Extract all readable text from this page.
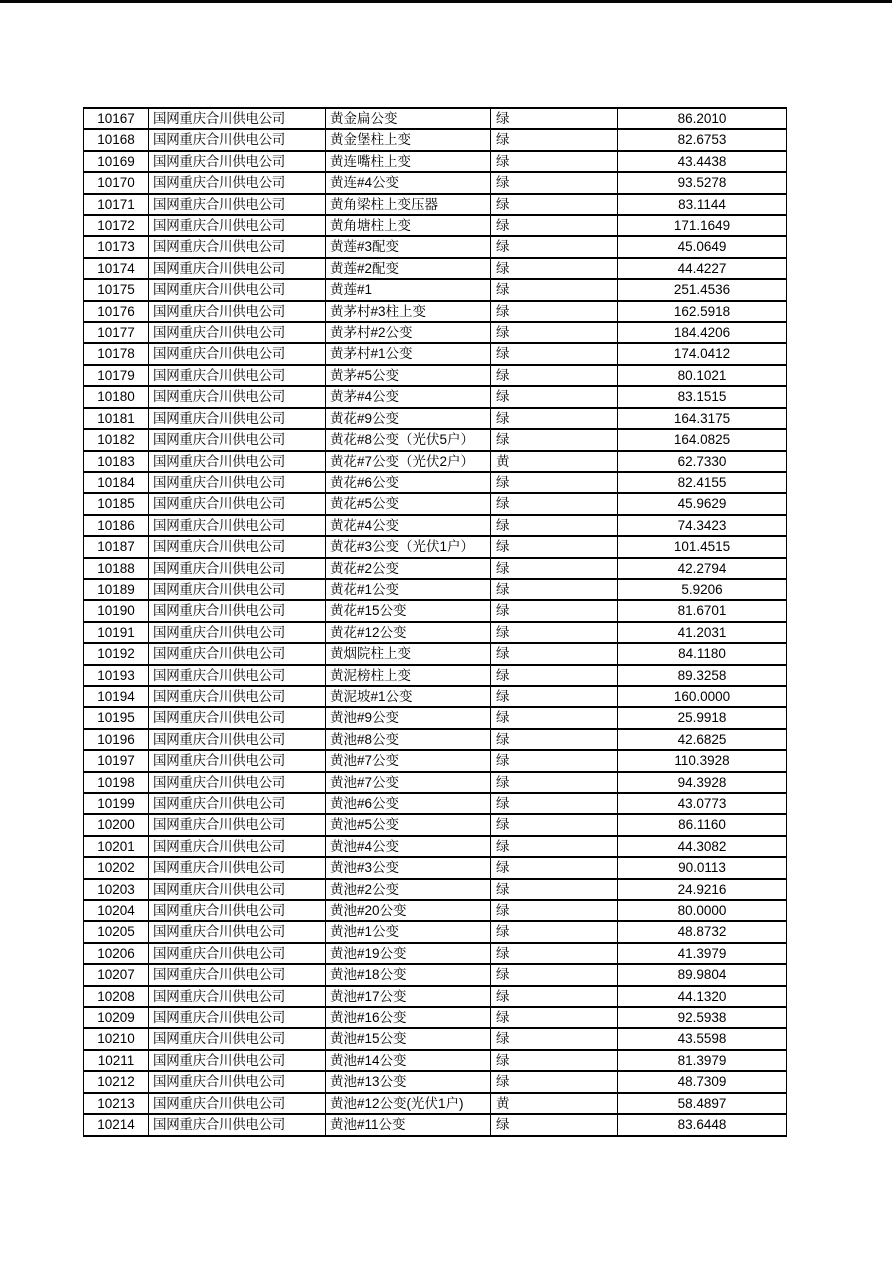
10167	国网重庆合川供电公司	黄金扁公变	绿	86.2010
10168	国网重庆合川供电公司	黄金堡柱上变	绿	82.6753
10169	国网重庆合川供电公司	黄连嘴柱上变	绿	43.4438
10170	国网重庆合川供电公司	黄连#4公变	绿	93.5278
10171	国网重庆合川供电公司	黄角梁柱上变压器	绿	83.1144
10172	国网重庆合川供电公司	黄角塘柱上变	绿	171.1649
10173	国网重庆合川供电公司	黄莲#3配变	绿	45.0649
10174	国网重庆合川供电公司	黄莲#2配变	绿	44.4227
10175	国网重庆合川供电公司	黄莲#1	绿	251.4536
10176	国网重庆合川供电公司	黄茅村#3柱上变	绿	162.5918
10177	国网重庆合川供电公司	黄茅村#2公变	绿	184.4206
10178	国网重庆合川供电公司	黄茅村#1公变	绿	174.0412
10179	国网重庆合川供电公司	黄茅#5公变	绿	80.1021
10180	国网重庆合川供电公司	黄茅#4公变	绿	83.1515
10181	国网重庆合川供电公司	黄花#9公变	绿	164.3175
10182	国网重庆合川供电公司	黄花#8公变（光伏5户）	绿	164.0825
10183	国网重庆合川供电公司	黄花#7公变（光伏2户）	黄	62.7330
10184	国网重庆合川供电公司	黄花#6公变	绿	82.4155
10185	国网重庆合川供电公司	黄花#5公变	绿	45.9629
10186	国网重庆合川供电公司	黄花#4公变	绿	74.3423
10187	国网重庆合川供电公司	黄花#3公变（光伏1户）	绿	101.4515
10188	国网重庆合川供电公司	黄花#2公变	绿	42.2794
10189	国网重庆合川供电公司	黄花#1公变	绿	5.9206
10190	国网重庆合川供电公司	黄花#15公变	绿	81.6701
10191	国网重庆合川供电公司	黄花#12公变	绿	41.2031
10192	国网重庆合川供电公司	黄烟院柱上变	绿	84.1180
10193	国网重庆合川供电公司	黄泥榜柱上变	绿	89.3258
10194	国网重庆合川供电公司	黄泥坡#1公变	绿	160.0000
10195	国网重庆合川供电公司	黄池#9公变	绿	25.9918
10196	国网重庆合川供电公司	黄池#8公变	绿	42.6825
10197	国网重庆合川供电公司	黄池#7公变	绿	110.3928
10198	国网重庆合川供电公司	黄池#7公变	绿	94.3928
10199	国网重庆合川供电公司	黄池#6公变	绿	43.0773
10200	国网重庆合川供电公司	黄池#5公变	绿	86.1160
10201	国网重庆合川供电公司	黄池#4公变	绿	44.3082
10202	国网重庆合川供电公司	黄池#3公变	绿	90.0113
10203	国网重庆合川供电公司	黄池#2公变	绿	24.9216
10204	国网重庆合川供电公司	黄池#20公变	绿	80.0000
10205	国网重庆合川供电公司	黄池#1公变	绿	48.8732
10206	国网重庆合川供电公司	黄池#19公变	绿	41.3979
10207	国网重庆合川供电公司	黄池#18公变	绿	89.9804
10208	国网重庆合川供电公司	黄池#17公变	绿	44.1320
10209	国网重庆合川供电公司	黄池#16公变	绿	92.5938
10210	国网重庆合川供电公司	黄池#15公变	绿	43.5598
10211	国网重庆合川供电公司	黄池#14公变	绿	81.3979
10212	国网重庆合川供电公司	黄池#13公变	绿	48.7309
10213	国网重庆合川供电公司	黄池#12公变(光伏1户)	黄	58.4897
10214	国网重庆合川供电公司	黄池#11公变	绿	83.6448
